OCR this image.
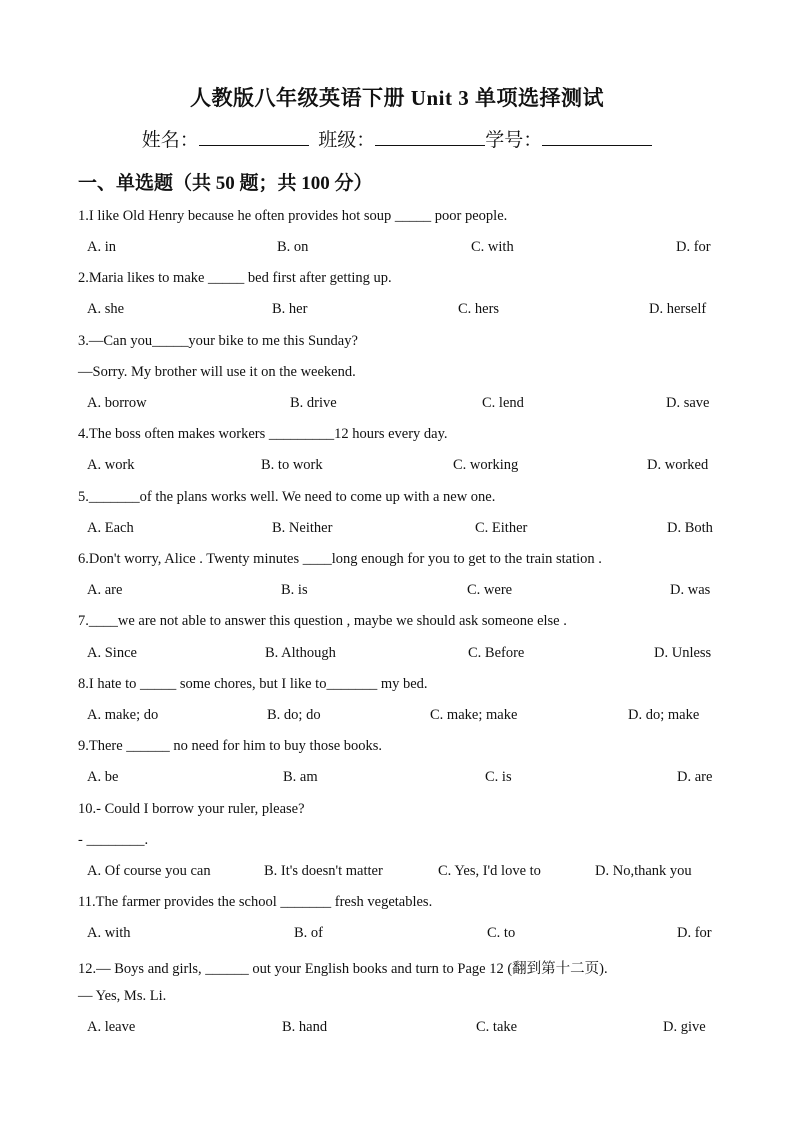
人教版八年级英语下册 Unit 3 单项选择测试
姓名：	班级：	学号：
一、单选题（共 50 题；共 100 分）
1.I like Old Henry because he often provides hot soup _____ poor people.
A. in	B. on	C. with	D. for
2.Maria likes to make _____ bed first after getting up.
A. she	B. her	C. hers	D. herself
3.—Can you_____your bike to me this Sunday?
—Sorry. My brother will use it on the weekend.
A. borrow	B. drive	C. lend	D. save
4.The boss often makes workers _________12 hours every day.
A. work	B. to work	C. working	D. worked
5._______of the plans works well. We need to come up with a new one.
A. Each	B. Neither	C. Either	D. Both
6.Don't worry, Alice . Twenty minutes ____long enough for you to get to the train station .
A. are	B. is	C. were	D. was
7.____we are not able to answer this question , maybe we should ask someone else .
A. Since	B. Although	C. Before	D. Unless
8.I hate to _____ some chores, but I like to_______ my bed.
A. make; do	B. do; do	C. make; make	D. do; make
9.There ______ no need for him to buy those books.
A. be	B. am	C. is	D. are
10.- Could I borrow your ruler, please?
- ________.
A. Of course you can	B. It's doesn't matter	C. Yes, I'd love to	D. No,thank you
11.The farmer provides the school _______ fresh vegetables.
A. with	B. of	C. to	D. for
12.— Boys and girls, ______ out your English books and turn to Page 12 (翻到第十二页).
— Yes, Ms. Li.
A. leave	B. hand	C. take	D. give
